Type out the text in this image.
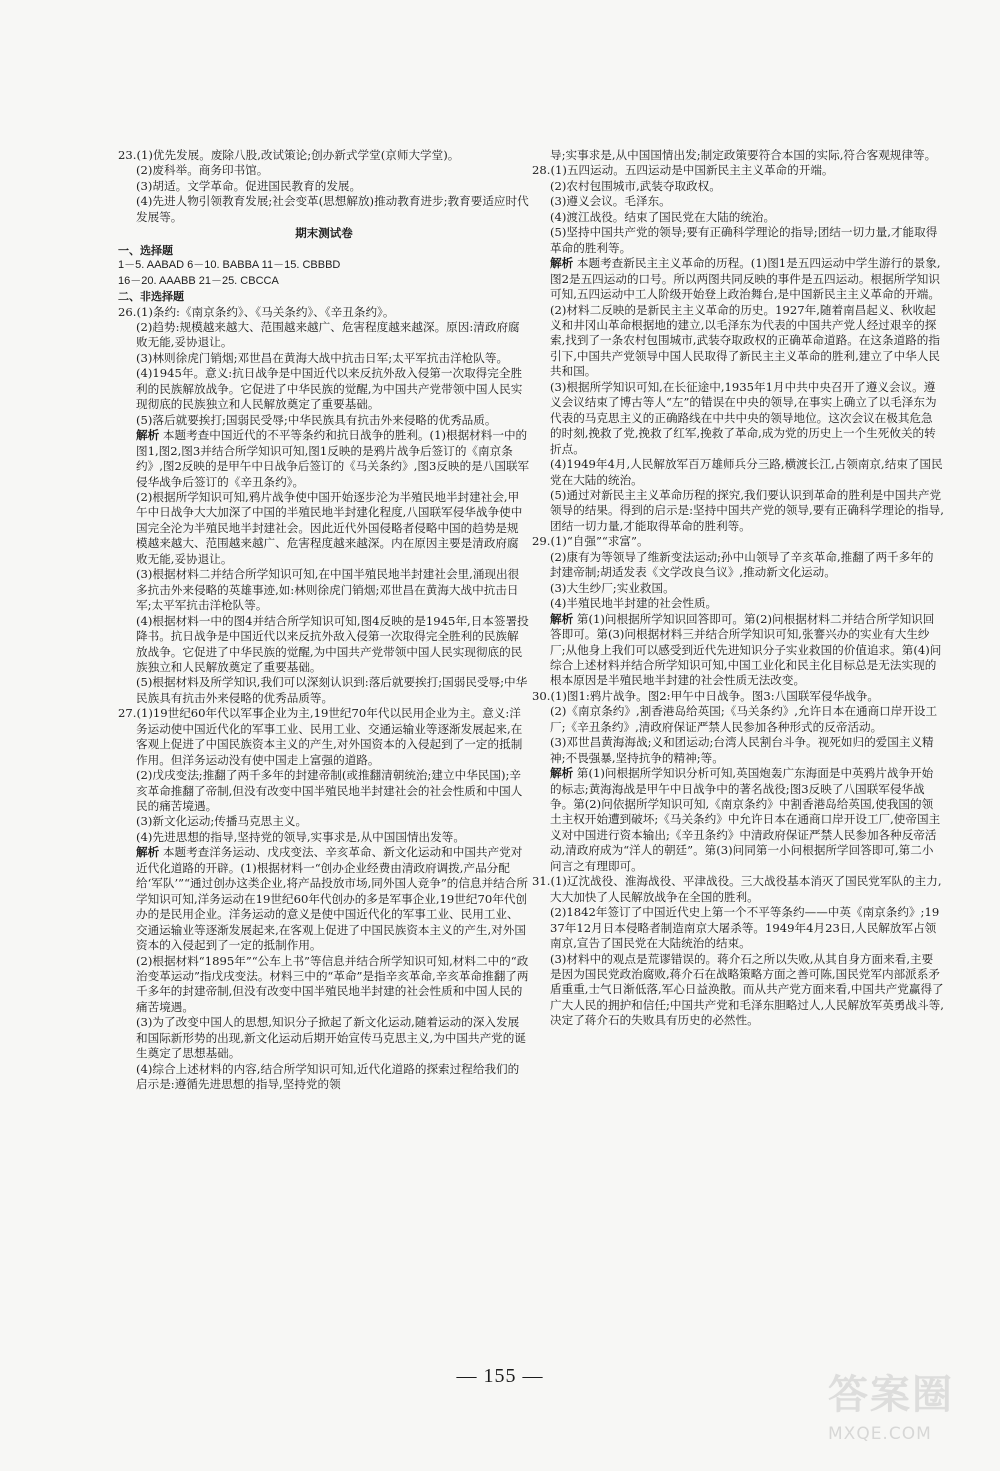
23.(1)优先发展。废除八股,改试策论;创办新式学堂(京师大学堂)。
(2)废科举。商务印书馆。
(3)胡适。文学革命。促进国民教育的发展。
(4)先进人物引领教育发展;社会变革(思想解放)推动教育进步;教育要适应时代发展等。
期末测试卷
一、选择题
1－5. AABAD 6－10. BABBA 11－15. CBBBD
16－20. AAABB 21－25. CBCCA
二、非选择题
26.(1)条约:《南京条约》、《马关条约》、《辛丑条约》。
(2)趋势:规模越来越大、范围越来越广、危害程度越来越深。原因:清政府腐败无能,妥协退让。
(3)林则徐虎门销烟;邓世昌在黄海大战中抗击日军;太平军抗击洋枪队等。
(4)1945年。意义:抗日战争是中国近代以来反抗外敌入侵第一次取得完全胜利的民族解放战争。它促进了中华民族的觉醒,为中国共产党带领中国人民实现彻底的民族独立和人民解放奠定了重要基础。
(5)落后就要挨打;国弱民受辱;中华民族具有抗击外来侵略的优秀品质。
解析 本题考查中国近代的不平等条约和抗日战争的胜利。(1)根据材料一中的图1,图2,图3并结合所学知识可知,图1反映的是鸦片战争后签订的《南京条约》,图2反映的是甲午中日战争后签订的《马关条约》,图3反映的是八国联军侵华战争后签订的《辛丑条约》。
(2)根据所学知识可知,鸦片战争使中国开始逐步沦为半殖民地半封建社会,甲午中日战争大大加深了中国的半殖民地半封建化程度,八国联军侵华战争使中国完全沦为半殖民地半封建社会。因此近代外国侵略者侵略中国的趋势是规模越来越大、范围越来越广、危害程度越来越深。内在原因主要是清政府腐败无能,妥协退让。
(3)根据材料二并结合所学知识可知,在中国半殖民地半封建社会里,涌现出很多抗击外来侵略的英雄事迹,如:林则徐虎门销烟;邓世昌在黄海大战中抗击日军;太平军抗击洋枪队等。
(4)根据材料一中的图4并结合所学知识可知,图4反映的是1945年,日本签署投降书。抗日战争是中国近代以来反抗外敌入侵第一次取得完全胜利的民族解放战争。它促进了中华民族的觉醒,为中国共产党带领中国人民实现彻底的民族独立和人民解放奠定了重要基础。
(5)根据材料及所学知识,我们可以深刻认识到:落后就要挨打;国弱民受辱;中华民族具有抗击外来侵略的优秀品质等。
27.(1)19世纪60年代以军事企业为主,19世纪70年代以民用企业为主。意义:洋务运动使中国近代化的军事工业、民用工业、交通运输业等逐渐发展起来,在客观上促进了中国民族资本主义的产生,对外国资本的入侵起到了一定的抵制作用。但洋务运动没有使中国走上富强的道路。
(2)戊戌变法;推翻了两千多年的封建帝制(或推翻清朝统治;建立中华民国);辛亥革命推翻了帝制,但没有改变中国半殖民地半封建社会的社会性质和中国人民的痛苦境遇。
(3)新文化运动;传播马克思主义。
(4)先进思想的指导,坚持党的领导,实事求是,从中国国情出发等。
解析 本题考查洋务运动、戊戌变法、辛亥革命、新文化运动和中国共产党对近代化道路的开辟。(1)根据材料一“创办企业经费由清政府调拨,产品分配给‘军队’”“通过创办这类企业,将产品投放市场,同外国人竞争”的信息并结合所学知识可知,洋务运动在19世纪60年代创办的多是军事企业,19世纪70年代创办的是民用企业。洋务运动的意义是使中国近代化的军事工业、民用工业、交通运输业等逐渐发展起来,在客观上促进了中国民族资本主义的产生,对外国资本的入侵起到了一定的抵制作用。
(2)根据材料“1895年”“公车上书”等信息并结合所学知识可知,材料二中的“政治变革运动”指戊戌变法。材料三中的“革命”是指辛亥革命,辛亥革命推翻了两千多年的封建帝制,但没有改变中国半殖民地半封建的社会性质和中国人民的痛苦境遇。
(3)为了改变中国人的思想,知识分子掀起了新文化运动,随着运动的深入发展和国际新形势的出现,新文化运动后期开始宣传马克思主义,为中国共产党的诞生奠定了思想基础。
(4)综合上述材料的内容,结合所学知识可知,近代化道路的探索过程给我们的启示是:遵循先进思想的指导,坚持党的领
导;实事求是,从中国国情出发;制定政策要符合本国的实际,符合客观规律等。
28.(1)五四运动。五四运动是中国新民主主义革命的开端。
(2)农村包围城市,武装夺取政权。
(3)遵义会议。毛泽东。
(4)渡江战役。结束了国民党在大陆的统治。
(5)坚持中国共产党的领导;要有正确科学理论的指导;团结一切力量,才能取得革命的胜利等。
解析 本题考查新民主主义革命的历程。(1)图1是五四运动中学生游行的景象,图2是五四运动的口号。所以两图共同反映的事件是五四运动。根据所学知识可知,五四运动中工人阶级开始登上政治舞台,是中国新民主主义革命的开端。
(2)材料二反映的是新民主主义革命的历史。1927年,随着南昌起义、秋收起义和井冈山革命根据地的建立,以毛泽东为代表的中国共产党人经过艰辛的探索,找到了一条农村包围城市,武装夺取政权的正确革命道路。在这条道路的指引下,中国共产党领导中国人民取得了新民主主义革命的胜利,建立了中华人民共和国。
(3)根据所学知识可知,在长征途中,1935年1月中共中央召开了遵义会议。遵义会议结束了博古等人“左”的错误在中央的领导,在事实上确立了以毛泽东为代表的马克思主义的正确路线在中共中央的领导地位。这次会议在极其危急的时刻,挽救了党,挽救了红军,挽救了革命,成为党的历史上一个生死攸关的转折点。
(4)1949年4月,人民解放军百万雄师兵分三路,横渡长江,占领南京,结束了国民党在大陆的统治。
(5)通过对新民主主义革命历程的探究,我们要认识到革命的胜利是中国共产党领导的结果。得到的启示是:坚持中国共产党的领导,要有正确科学理论的指导,团结一切力量,才能取得革命的胜利等。
29.(1)“自强”“求富”。
(2)康有为等领导了维新变法运动;孙中山领导了辛亥革命,推翻了两千多年的封建帝制;胡适发表《文学改良刍议》,推动新文化运动。
(3)大生纱厂;实业救国。
(4)半殖民地半封建的社会性质。
解析 第(1)问根据所学知识回答即可。第(2)问根据材料二并结合所学知识回答即可。第(3)问根据材料三并结合所学知识可知,张謇兴办的实业有大生纱厂;从他身上我们可以感受到近代先进知识分子实业救国的价值追求。第(4)问综合上述材料并结合所学知识可知,中国工业化和民主化目标总是无法实现的根本原因是半殖民地半封建的社会性质无法改变。
30.(1)图1:鸦片战争。图2:甲午中日战争。图3:八国联军侵华战争。
(2)《南京条约》,割香港岛给英国;《马关条约》,允许日本在通商口岸开设工厂;《辛丑条约》,清政府保证严禁人民参加各种形式的反帝活动。
(3)邓世昌黄海海战;义和团运动;台湾人民割台斗争。视死如归的爱国主义精神;不畏强暴,坚持抗争的精神;等。
解析 第(1)问根据所学知识分析可知,英国炮轰广东海面是中英鸦片战争开始的标志;黄海海战是甲午中日战争中的著名战役;图3反映了八国联军侵华战争。第(2)问依据所学知识可知,《南京条约》中割香港岛给英国,使我国的领土主权开始遭到破坏;《马关条约》中允许日本在通商口岸开设工厂,使帝国主义对中国进行资本输出;《辛丑条约》中清政府保证严禁人民参加各种反帝活动,清政府成为“洋人的朝廷”。第(3)问同第一小问根据所学回答即可,第二小问言之有理即可。
31.(1)辽沈战役、淮海战役、平津战役。三大战役基本消灭了国民党军队的主力,大大加快了人民解放战争在全国的胜利。
(2)1842年签订了中国近代史上第一个不平等条约——中英《南京条约》;1937年12月日本侵略者制造南京大屠杀等。1949年4月23日,人民解放军占领南京,宣告了国民党在大陆统治的结束。
(3)材料中的观点是荒谬错误的。蒋介石之所以失败,从其自身方面来看,主要是因为国民党政治腐败,蒋介石在战略策略方面之善可陈,国民党军内部派系矛盾重重,士气日渐低落,军心日益涣散。而从共产党方面来看,中国共产党赢得了广大人民的拥护和信任;中国共产党和毛泽东胆略过人,人民解放军英勇战斗等,决定了蒋介石的失败具有历史的必然性。
— 155 —	答案圈
MXQE.COM
